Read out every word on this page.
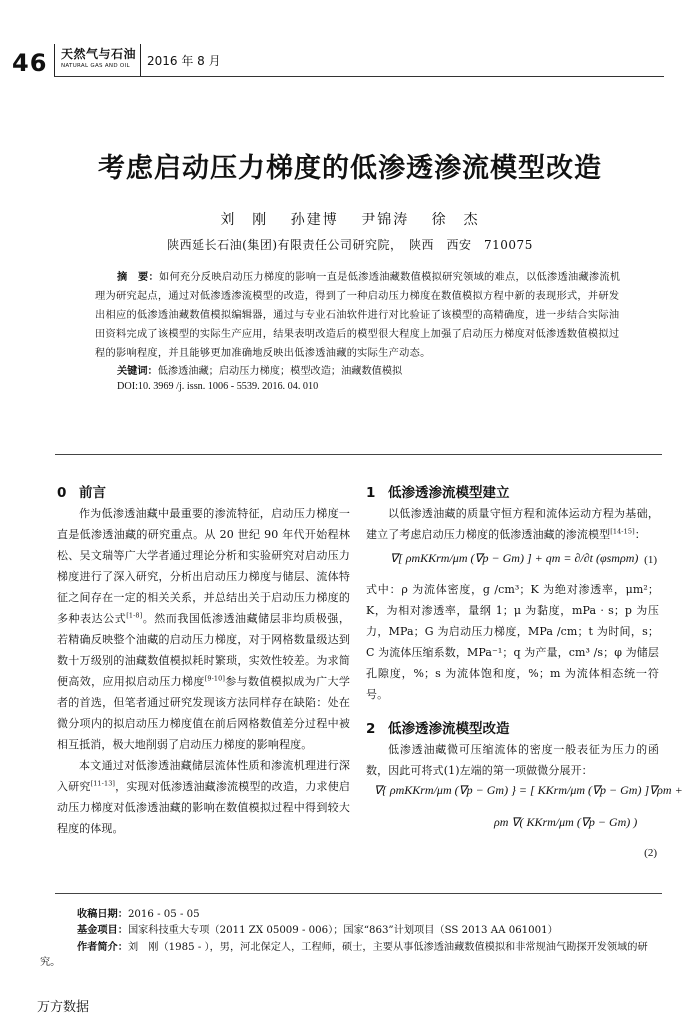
46 天然气与石油
NATURAL GAS AND OIL	2016 年 8 月
考虑启动压力梯度的低渗透渗流模型改造
刘　刚 孙建博 尹锦涛 徐　杰
陕西延长石油(集团)有限责任公司研究院，　陕西　西安　710075
摘　要：如何充分反映启动压力梯度的影响一直是低渗透油藏数值模拟研究领域的难点，以低渗透油藏渗流机理为研究起点，通过对低渗透渗流模型的改造，得到了一种启动压力梯度在数值模拟方程中新的表现形式，并研发出相应的低渗透油藏数值模拟编辑器，通过与专业石油软件进行对比验证了该模型的高精确度，进一步结合实际油田资料完成了该模型的实际生产应用，结果表明改造后的模型很大程度上加强了启动压力梯度对低渗透数值模拟过程的影响程度，并且能够更加准确地反映出低渗透油藏的实际生产动态。
关键词：低渗透油藏；启动压力梯度；模型改造；油藏数值模拟
DOI:10. 3969 /j. issn. 1006 - 5539. 2016. 04. 010
0 前言

作为低渗透油藏中最重要的渗流特征，启动压力梯度一直是低渗透油藏的研究重点。从 20 世纪 90 年代开始程林松、吴文瑞等广大学者通过理论分析和实验研究对启动压力梯度进行了深入研究，分析出启动压力梯度与储层、流体特征之间存在一定的相关关系，并总结出关于启动压力梯度的多种表达公式[1-8]。然而我国低渗透油藏储层非均质极强，若精确反映整个油藏的启动压力梯度，对于网格数量级达到数十万级别的油藏数值模拟耗时繁琐，实效性较差。为求简便高效，应用拟启动压力梯度[9-10]参与数值模拟成为广大学者的首选，但笔者通过研究发现该方法同样存在缺陷：处在微分项内的拟启动压力梯度值在前后网格数值差分过程中被相互抵消，极大地削弱了启动压力梯度的影响程度。

本文通过对低渗透油藏储层流体性质和渗流机理进行深入研究[11-13]，实现对低渗透油藏渗流模型的改造，力求使启动压力梯度对低渗透油藏的影响在数值模拟过程中得到较大程度的体现。

1 低渗透渗流模型建立

以低渗透油藏的质量守恒方程和流体运动方程为基础，建立了考虑启动压力梯度的低渗透油藏的渗流模型[14-15]：

∇[ ρmKKrm/μm (∇p − Gm) ] + qm = ∂/∂t (φsmρm) (1)

式中：ρ 为流体密度，g /cm³；K 为绝对渗透率，μm²；K，为相对渗透率，量纲 1；μ 为黏度，mPa · s；p 为压力，MPa；G 为启动压力梯度，MPa /cm；t 为时间，s；C 为流体压缩系数，MPa⁻¹；q 为产量，cm³ /s；φ 为储层孔隙度，%；s 为流体饱和度，%；m 为流体相态统一符号。

2 低渗透渗流模型改造

低渗透油藏微可压缩流体的密度一般表征为压力的函数，因此可将式(1)左端的第一项做微分展开：

∇{ ρmKKrm/μm (∇p − Gm) } = [ KKrm/μm (∇p − Gm) ]∇ρm +
ρm ∇( KKrm/μm (∇p − Gm) )
(2)
收稿日期：2016 - 05 - 05
基金项目：国家科技重大专项（2011 ZX 05009 - 006）；国家“863”计划项目（SS 2013 AA 061001）
作者简介：刘　刚（1985 - ），男，河北保定人，工程师，硕士，主要从事低渗透油藏数值模拟和非常规油气勘探开发领域的研究。
万方数据
